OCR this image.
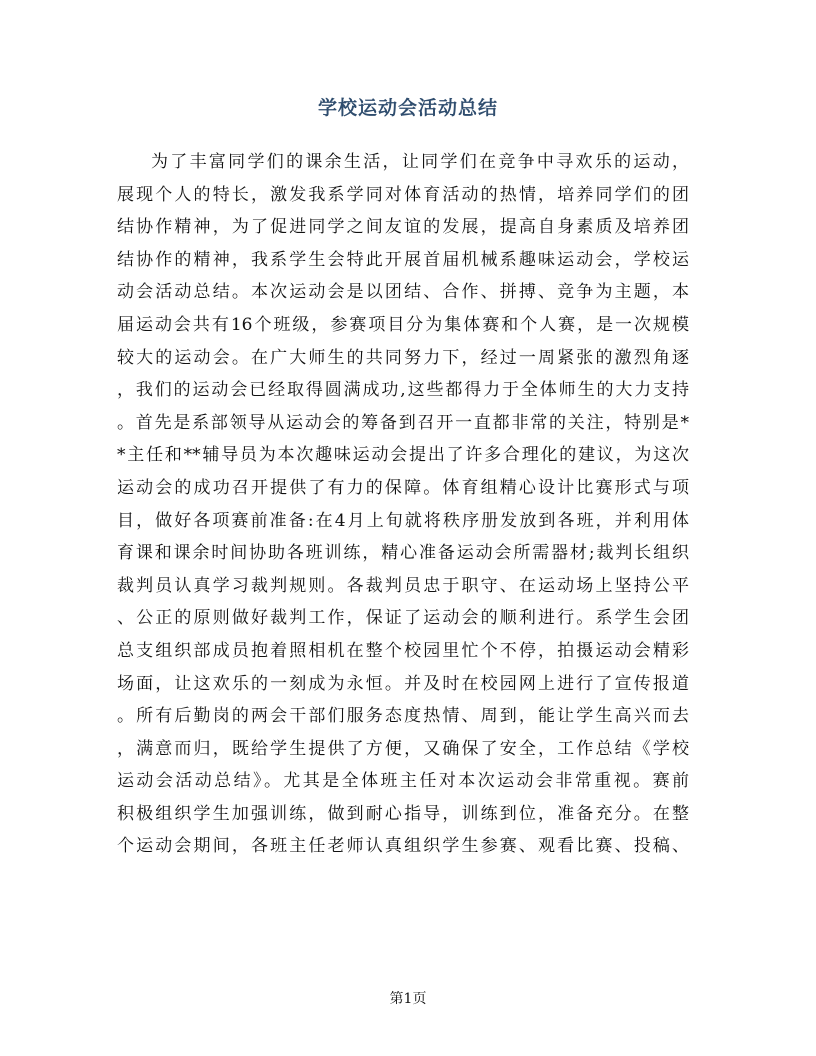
学校运动会活动总结
为了丰富同学们的课余生活，让同学们在竞争中寻欢乐的运动，
展现个人的特长，激发我系学同对体育活动的热情，培养同学们的团
结协作精神，为了促进同学之间友谊的发展，提高自身素质及培养团
结协作的精神，我系学生会特此开展首届机械系趣味运动会，学校运
动会活动总结。本次运动会是以团结、合作、拼搏、竞争为主题，本
届运动会共有16个班级，参赛项目分为集体赛和个人赛，是一次规模
较大的运动会。在广大师生的共同努力下，经过一周紧张的激烈角逐
，我们的运动会已经取得圆满成功,这些都得力于全体师生的大力支持
。首先是系部领导从运动会的筹备到召开一直都非常的关注，特别是*
*主任和**辅导员为本次趣味运动会提出了许多合理化的建议，为这次
运动会的成功召开提供了有力的保障。体育组精心设计比赛形式与项
目，做好各项赛前准备:在4月上旬就将秩序册发放到各班，并利用体
育课和课余时间协助各班训练，精心准备运动会所需器材;裁判长组织
裁判员认真学习裁判规则。各裁判员忠于职守、在运动场上坚持公平
、公正的原则做好裁判工作，保证了运动会的顺利进行。系学生会团
总支组织部成员抱着照相机在整个校园里忙个不停，拍摄运动会精彩
场面，让这欢乐的一刻成为永恒。并及时在校园网上进行了宣传报道
。所有后勤岗的两会干部们服务态度热情、周到，能让学生高兴而去
，满意而归，既给学生提供了方便，又确保了安全，工作总结《学校
运动会活动总结》。尤其是全体班主任对本次运动会非常重视。赛前
积极组织学生加强训练，做到耐心指导，训练到位，准备充分。在整
个运动会期间，各班主任老师认真组织学生参赛、观看比赛、投稿、
第1页
